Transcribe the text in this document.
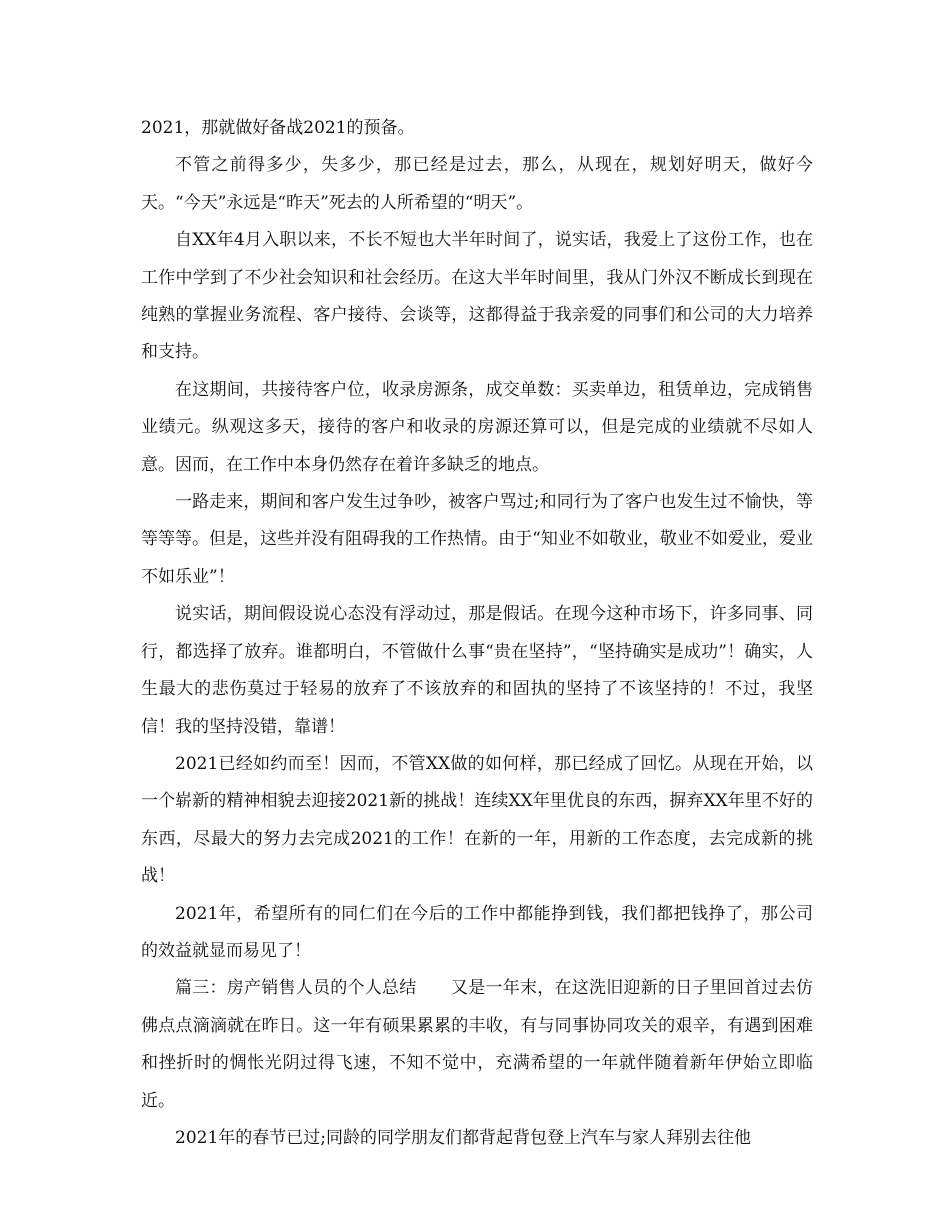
2021，那就做好备战2021的预备。

不管之前得多少，失多少，那已经是过去，那么，从现在，规划好明天，做好今天。“今天”永远是“昨天”死去的人所希望的“明天”。

自XX年4月入职以来，不长不短也大半年时间了，说实话，我爱上了这份工作，也在工作中学到了不少社会知识和社会经历。在这大半年时间里，我从门外汉不断成长到现在纯熟的掌握业务流程、客户接待、会谈等，这都得益于我亲爱的同事们和公司的大力培养和支持。

在这期间，共接待客户位，收录房源条，成交单数：买卖单边，租赁单边，完成销售业绩元。纵观这多天，接待的客户和收录的房源还算可以，但是完成的业绩就不尽如人意。因而，在工作中本身仍然存在着许多缺乏的地点。

一路走来，期间和客户发生过争吵，被客户骂过;和同行为了客户也发生过不愉快，等等等等。但是，这些并没有阻碍我的工作热情。由于“知业不如敬业，敬业不如爱业，爱业不如乐业”！

说实话，期间假设说心态没有浮动过，那是假话。在现今这种市场下，许多同事、同行，都选择了放弃。谁都明白，不管做什么事“贵在坚持”，“坚持确实是成功”！确实，人生最大的悲伤莫过于轻易的放弃了不该放弃的和固执的坚持了不该坚持的！不过，我坚信！我的坚持没错，靠谱！

2021已经如约而至！因而，不管XX做的如何样，那已经成了回忆。从现在开始，以一个崭新的精神相貌去迎接2021新的挑战！连续XX年里优良的东西，摒弃XX年里不好的东西，尽最大的努力去完成2021的工作！在新的一年，用新的工作态度，去完成新的挑战！

2021年，希望所有的同仁们在今后的工作中都能挣到钱，我们都把钱挣了，那公司的效益就显而易见了！

篇三：房产销售人员的个人总结　　又是一年末，在这洗旧迎新的日子里回首过去仿佛点点滴滴就在昨日。这一年有硕果累累的丰收，有与同事协同攻关的艰辛，有遇到困难和挫折时的惆怅光阴过得飞速，不知不觉中，充满希望的一年就伴随着新年伊始立即临近。

2021年的春节已过;同龄的同学朋友们都背起背包登上汽车与家人拜别去往他
